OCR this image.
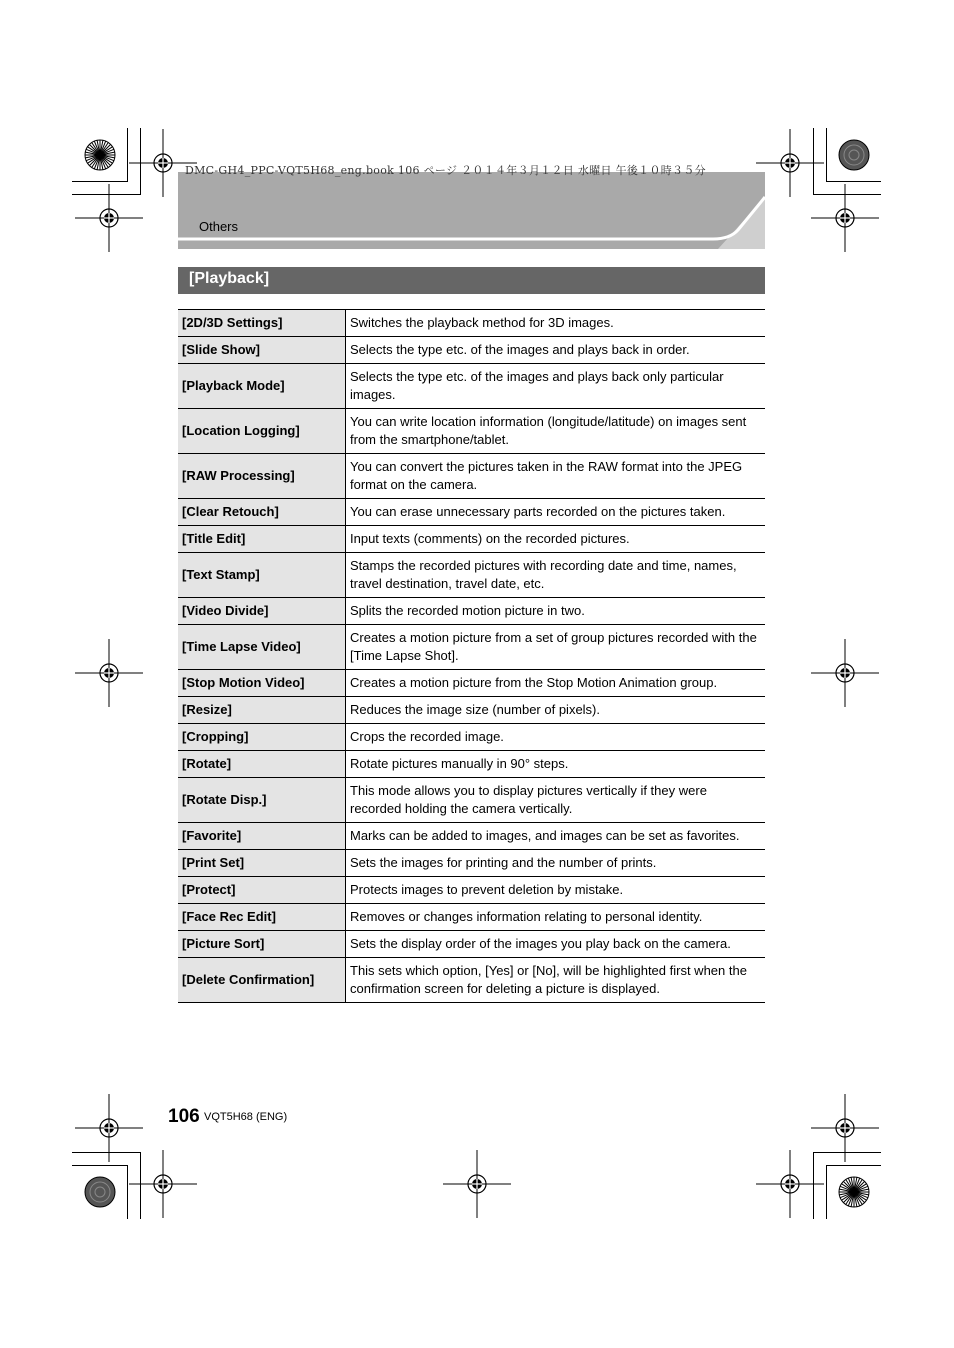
DMC-GH4_PPC-VQT5H68_eng.book 106 ページ ２０１４年３月１２日 水曜日 午後１０時３５分
Others
[Playback]
[2D/3D Settings]	Switches the playback method for 3D images.
[Slide Show]	Selects the type etc. of the images and plays back in order.
[Playback Mode]	Selects the type etc. of the images and plays back only particular images.
[Location Logging]	You can write location information (longitude/latitude) on images sent from the smartphone/tablet.
[RAW Processing]	You can convert the pictures taken in the RAW format into the JPEG format on the camera.
[Clear Retouch]	You can erase unnecessary parts recorded on the pictures taken.
[Title Edit]	Input texts (comments) on the recorded pictures.
[Text Stamp]	Stamps the recorded pictures with recording date and time, names, travel destination, travel date, etc.
[Video Divide]	Splits the recorded motion picture in two.
[Time Lapse Video]	Creates a motion picture from a set of group pictures recorded with the [Time Lapse Shot].
[Stop Motion Video]	Creates a motion picture from the Stop Motion Animation group.
[Resize]	Reduces the image size (number of pixels).
[Cropping]	Crops the recorded image.
[Rotate]	Rotate pictures manually in 90° steps.
[Rotate Disp.]	This mode allows you to display pictures vertically if they were recorded holding the camera vertically.
[Favorite]	Marks can be added to images, and images can be set as favorites.
[Print Set]	Sets the images for printing and the number of prints.
[Protect]	Protects images to prevent deletion by mistake.
[Face Rec Edit]	Removes or changes information relating to personal identity.
[Picture Sort]	Sets the display order of the images you play back on the camera.
[Delete Confirmation]	This sets which option, [Yes] or [No], will be highlighted first when the confirmation screen for deleting a picture is displayed.
106 VQT5H68 (ENG)
